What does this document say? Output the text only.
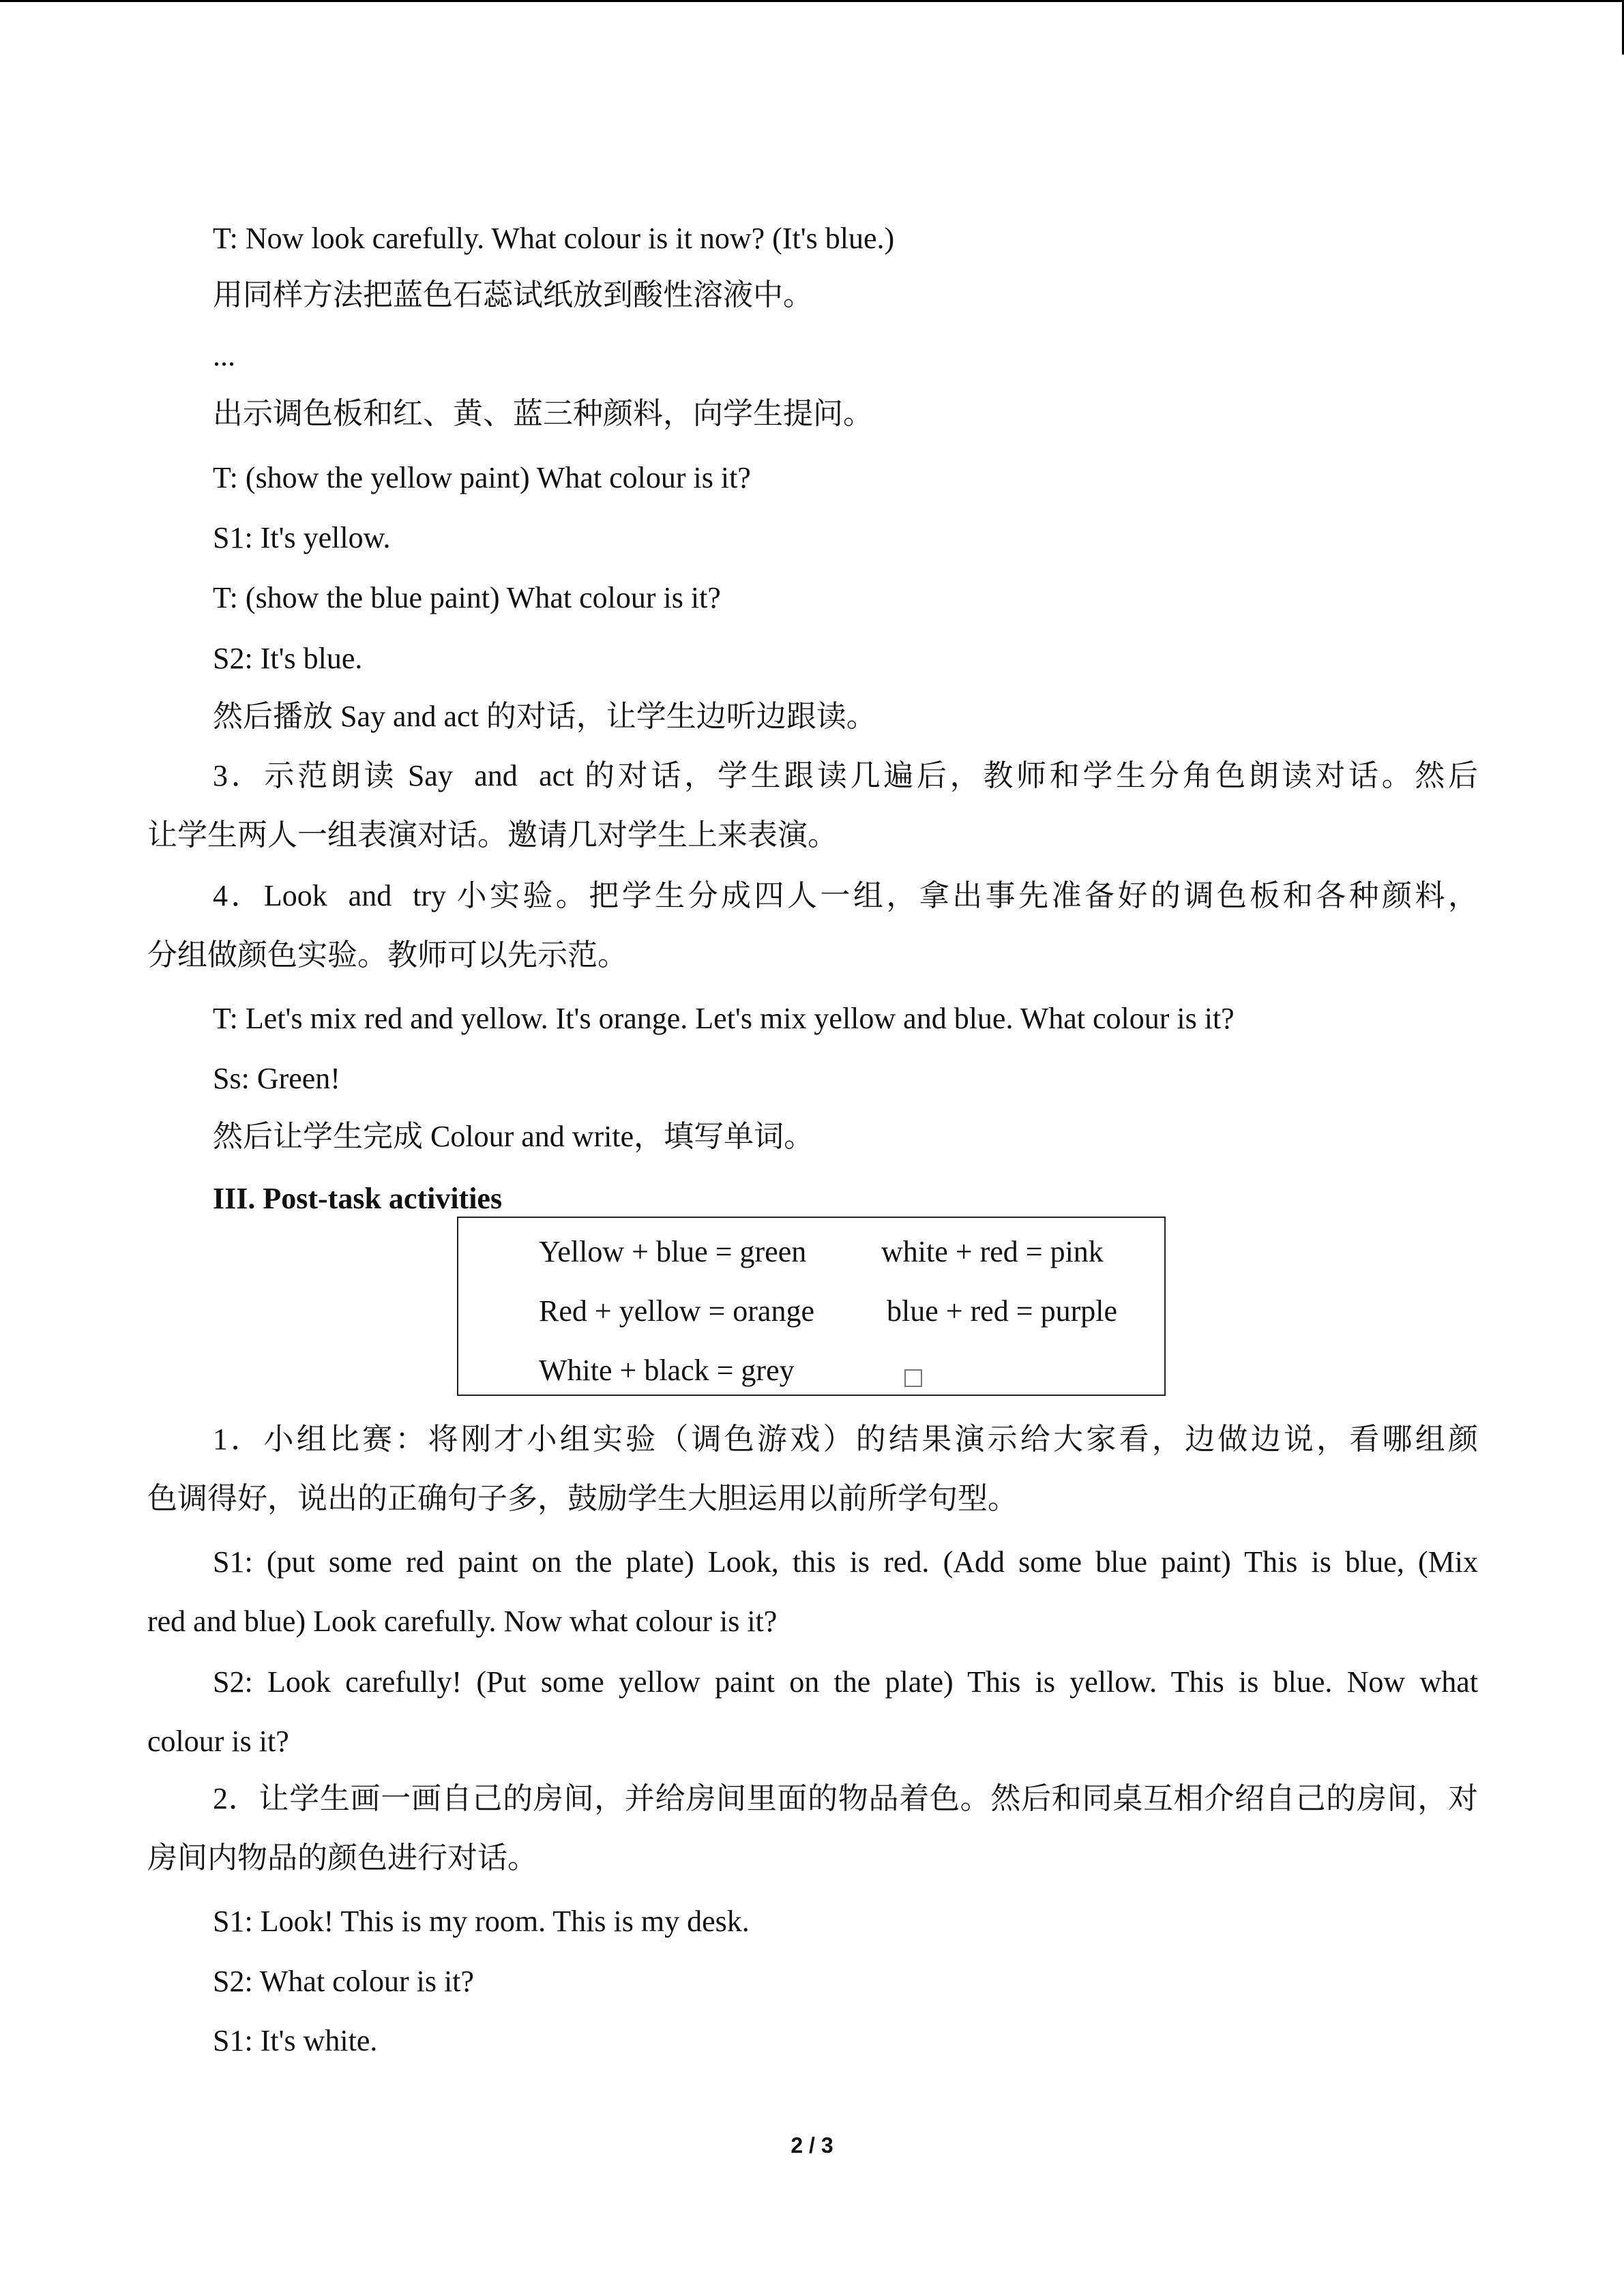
T: Now look carefully. What colour is it now? (It's blue.)
用同样方法把蓝色石蕊试纸放到酸性溶液中。
...
出示调色板和红、黄、蓝三种颜料，向学生提问。
T: (show the yellow paint) What colour is it?
S1: It's yellow.
T: (show the blue paint) What colour is it?
S2: It's blue.
然后播放 Say and act 的对话，让学生边听边跟读。
3．示范朗读 Say  and  act 的对话，学生跟读几遍后，教师和学生分角色朗读对话。然后
让学生两人一组表演对话。邀请几对学生上来表演。
4．Look  and  try 小实验。把学生分成四人一组，拿出事先准备好的调色板和各种颜料，
分组做颜色实验。教师可以先示范。
T: Let's mix red and yellow. It's orange. Let's mix yellow and blue. What colour is it?
Ss: Green!
然后让学生完成 Colour and write，填写单词。
III. Post-task activities
Yellow + blue = green white + red = pink
Red + yellow = orange blue + red = purple
White + black = grey
1．小组比赛：将刚才小组实验（调色游戏）的结果演示给大家看，边做边说，看哪组颜
色调得好，说出的正确句子多，鼓励学生大胆运用以前所学句型。
S1: (put some red paint on the plate) Look, this is red. (Add some blue paint) This is blue, (Mix
red and blue) Look carefully. Now what colour is it?
S2: Look carefully! (Put some yellow paint on the plate) This is yellow. This is blue. Now what
colour is it?
2．让学生画一画自己的房间，并给房间里面的物品着色。然后和同桌互相介绍自己的房间，对
房间内物品的颜色进行对话。
S1: Look! This is my room. This is my desk.
S2: What colour is it?
S1: It's white.
2 / 3
